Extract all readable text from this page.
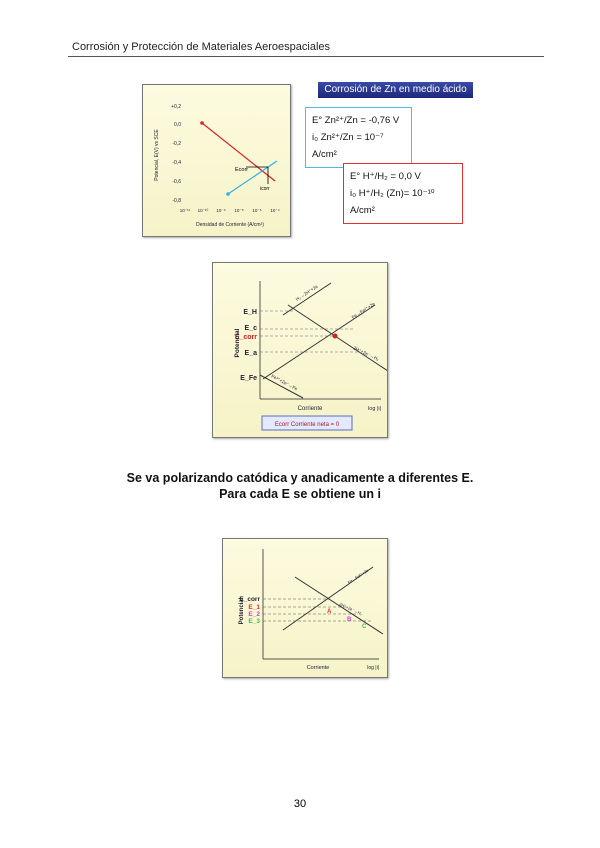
Corrosión y Protección de Materiales Aeroespaciales
+0,2
0,0
-0,2
-0,4
-0,6
-0,8
10⁻¹¹ 10⁻¹⁰ 10⁻⁹ 10⁻⁸ 10⁻⁶ 10⁻⁴
Densidad de Corriente (A/cm²)
Potencial, E(V) vs SCE	Ecorr
icorr
Corrosión de Zn en medio ácido
E° Zn²⁺/Zn = -0,76 V
i₀ Zn²⁺/Zn = 10⁻⁷ A/cm²
E° H⁺/H₂ = 0,0 V
i₀ H⁺/H₂ (Zn)= 10⁻¹⁰ A/cm²
E_H
E_c
E_corr
E_a
E_Fe
H₂→2H⁺+2e
Fe→Fe²⁺+2e
2H⁺+2e⁻→H₂
Fe²⁺+2e⁻→Fe
Potencial
Corriente	log |i|
Ecorr Corriente neta = 0
Se va polarizando catódica y anadicamente a diferentes E.
Para cada E se obtiene un i
E_corr
E_1
E_2
E_3
A
B
C
Fe→Fe²⁺+2e
2H⁺+2e⁻→H₂
Potencial
Corriente	log |i|
30
